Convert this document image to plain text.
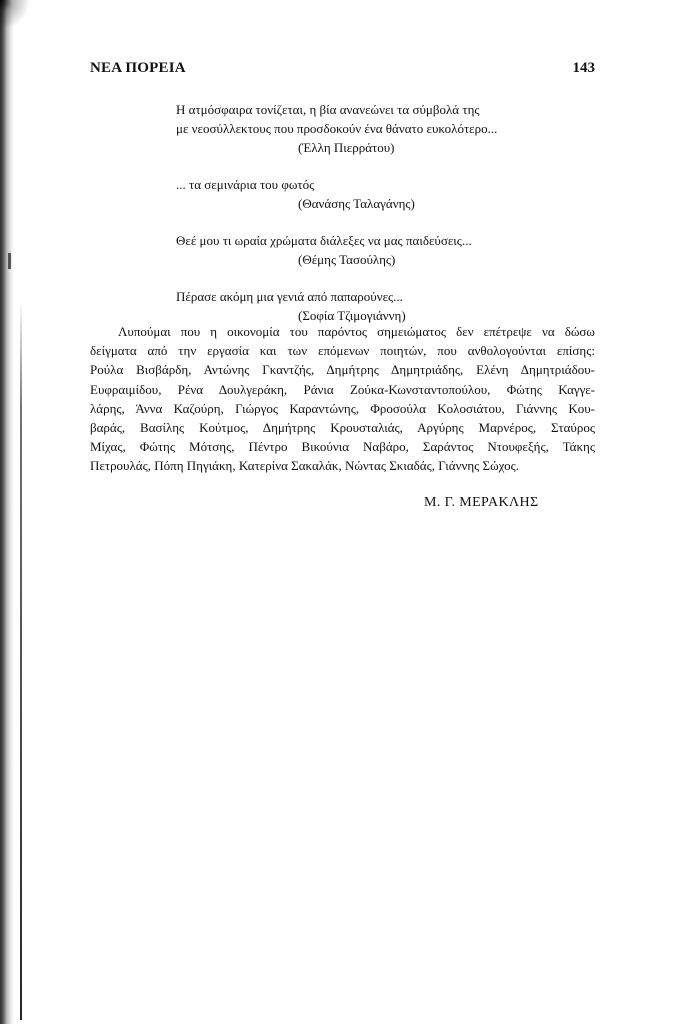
ΝΕΑ ΠΟΡΕΙΑ	143
Η ατμόσφαιρα τονίζεται, η βία ανανεώνει τα σύμβολά της
με νεοσύλλεκτους που προσδοκούν ένα θάνατο ευκολότερο...
(Έλλη Πιερράτου)
... τα σεμινάρια του φωτός
(Θανάσης Ταλαγάνης)
Θεέ μου τι ωραία χρώματα διάλεξες να μας παιδεύσεις...
(Θέμης Τασούλης)
Πέρασε ακόμη μια γενιά από παπαρούνες...
(Σοφία Τζιμογιάννη)
Λυπούμαι που η οικονομία του παρόντος σημειώματος δεν επέτρεψε να δώσω
δείγματα από την εργασία και των επόμενων ποιητών, που ανθολογούνται επίσης:
Ρούλα Βισβάρδη, Αντώνης Γκαντζής, Δημήτρης Δημητριάδης, Ελένη Δημητριάδου-
Ευφραιμίδου, Ρένα Δουλγεράκη, Ράνια Ζούκα-Κωνσταντοπούλου, Φώτης Καγγε-
λάρης, Άννα Καζούρη, Γιώργος Καραντώνης, Φροσούλα Κολοσιάτου, Γιάννης Κου-
βαράς, Βασίλης Κούτμος, Δημήτρης Κρουσταλιάς, Αργύρης Μαρνέρος, Σταύρος
Μίχας, Φώτης Μότσης, Πέντρο Βικούνια Ναβάρο, Σαράντος Ντουφεξής, Τάκης
Πετρουλάς, Πόπη Πηγιάκη, Κατερίνα Σακαλάκ, Νώντας Σκιαδάς, Γιάννης Σώχος.
Μ. Γ. ΜΕΡΑΚΛΗΣ
